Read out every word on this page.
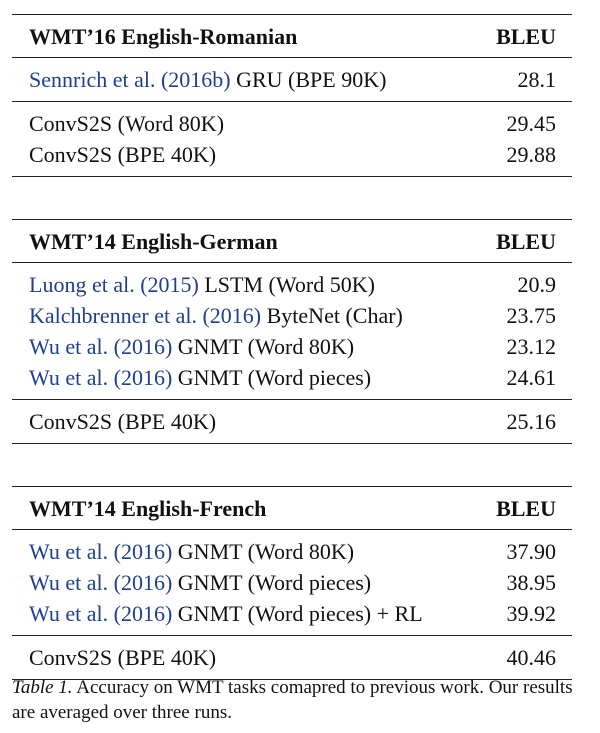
WMT’16 English-Romanian	BLEU
Sennrich et al. (2016b) GRU (BPE 90K)	28.1
ConvS2S (Word 80K)	29.45
ConvS2S (BPE 40K)	29.88
WMT’14 English-German	BLEU
Luong et al. (2015) LSTM (Word 50K)	20.9
Kalchbrenner et al. (2016) ByteNet (Char)	23.75
Wu et al. (2016) GNMT (Word 80K)	23.12
Wu et al. (2016) GNMT (Word pieces)	24.61
ConvS2S (BPE 40K)	25.16
WMT’14 English-French	BLEU
Wu et al. (2016) GNMT (Word 80K)	37.90
Wu et al. (2016) GNMT (Word pieces)	38.95
Wu et al. (2016) GNMT (Word pieces) + RL	39.92
ConvS2S (BPE 40K)	40.46
Table 1. Accuracy on WMT tasks comapred to previous work. Our results are averaged over three runs.
